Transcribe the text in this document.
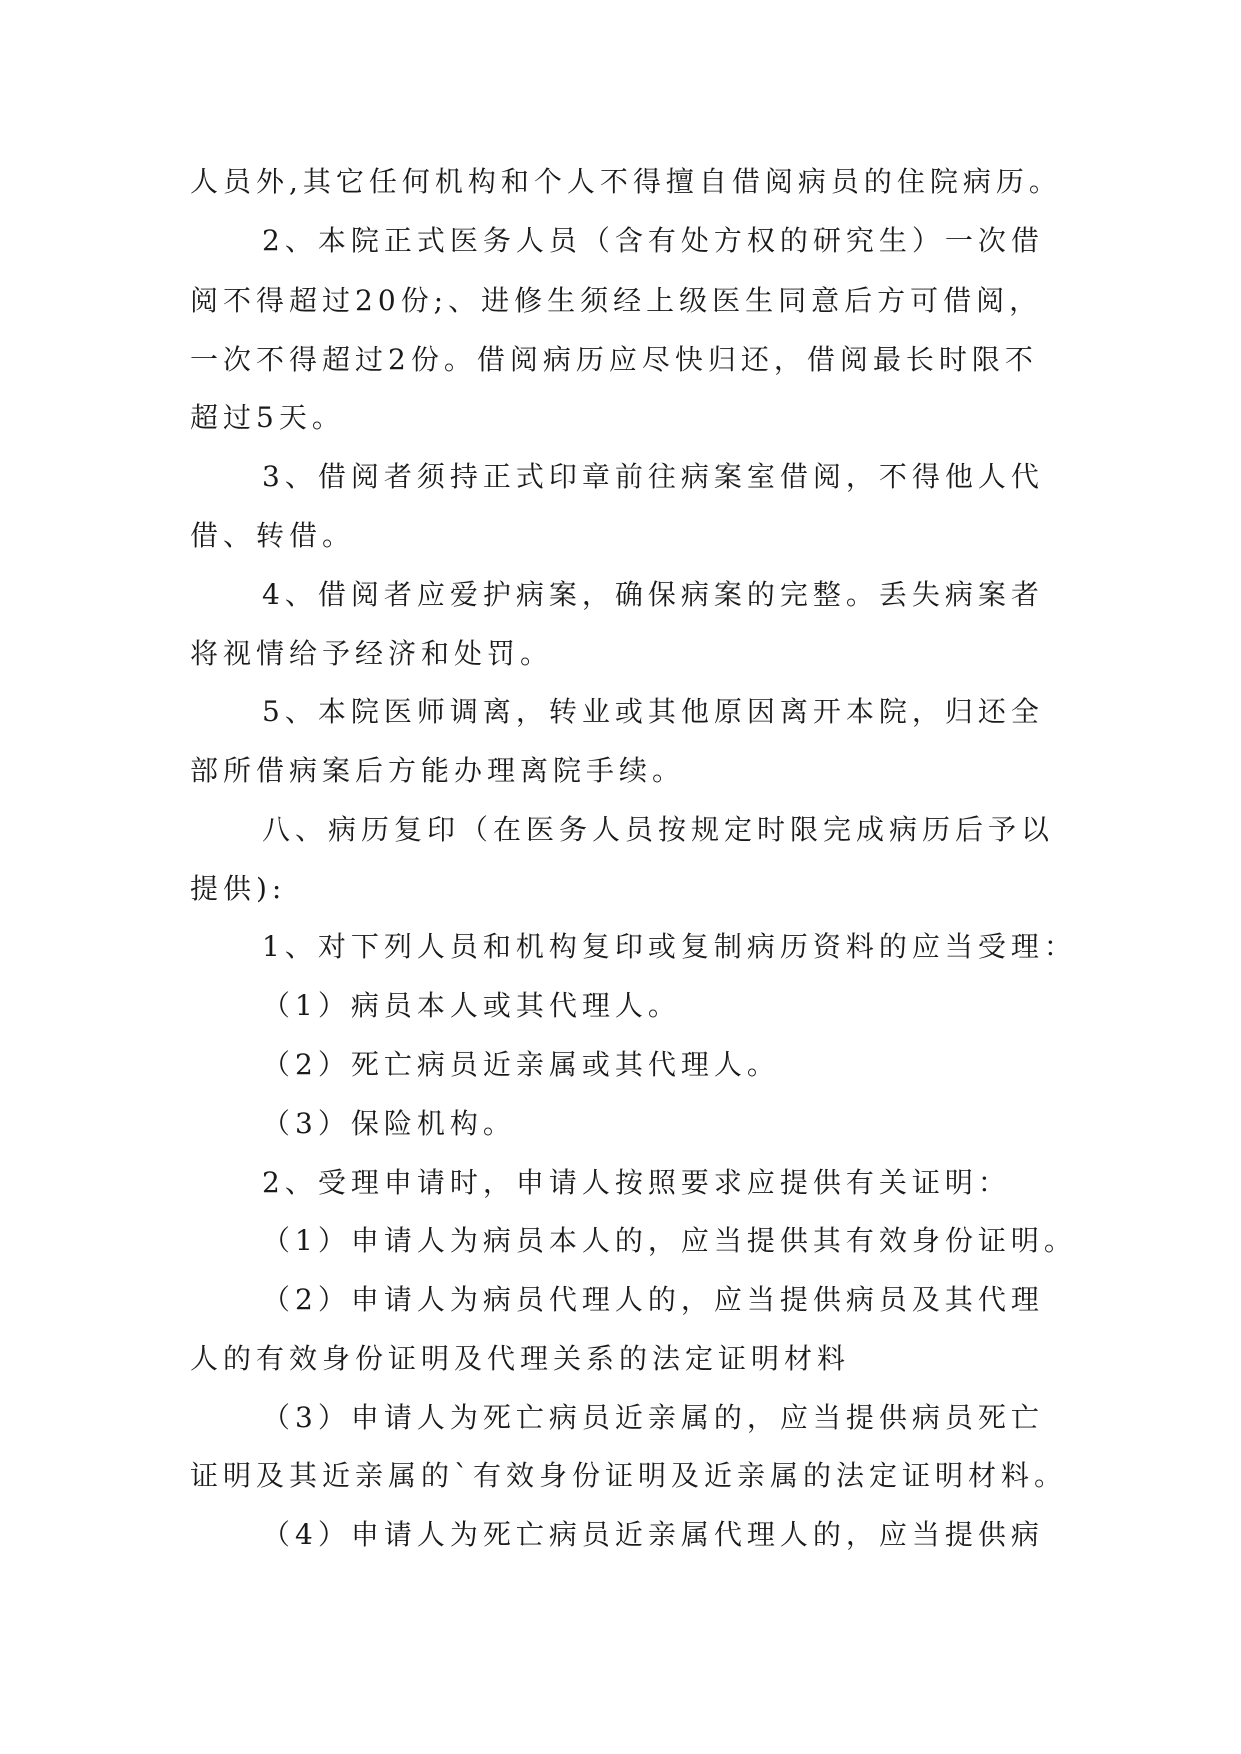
人员外,其它任何机构和个人不得擅自借阅病员的住院病历。
2、本院正式医务人员（含有处方权的研究生）一次借
阅不得超过20份;、进修生须经上级医生同意后方可借阅，
一次不得超过2份。借阅病历应尽快归还，借阅最长时限不
超过5天。
3、借阅者须持正式印章前往病案室借阅，不得他人代
借、转借。
4、借阅者应爱护病案，确保病案的完整。丢失病案者
将视情给予经济和处罚。
5、本院医师调离，转业或其他原因离开本院，归还全
部所借病案后方能办理离院手续。
八、病历复印（在医务人员按规定时限完成病历后予以
提供):
1、对下列人员和机构复印或复制病历资料的应当受理：
（1）病员本人或其代理人。
（2）死亡病员近亲属或其代理人。
（3）保险机构。
2、受理申请时，申请人按照要求应提供有关证明：
（1）申请人为病员本人的，应当提供其有效身份证明。
（2）申请人为病员代理人的，应当提供病员及其代理
人的有效身份证明及代理关系的法定证明材料
（3）申请人为死亡病员近亲属的，应当提供病员死亡
证明及其近亲属的`有效身份证明及近亲属的法定证明材料。
（4）申请人为死亡病员近亲属代理人的，应当提供病
